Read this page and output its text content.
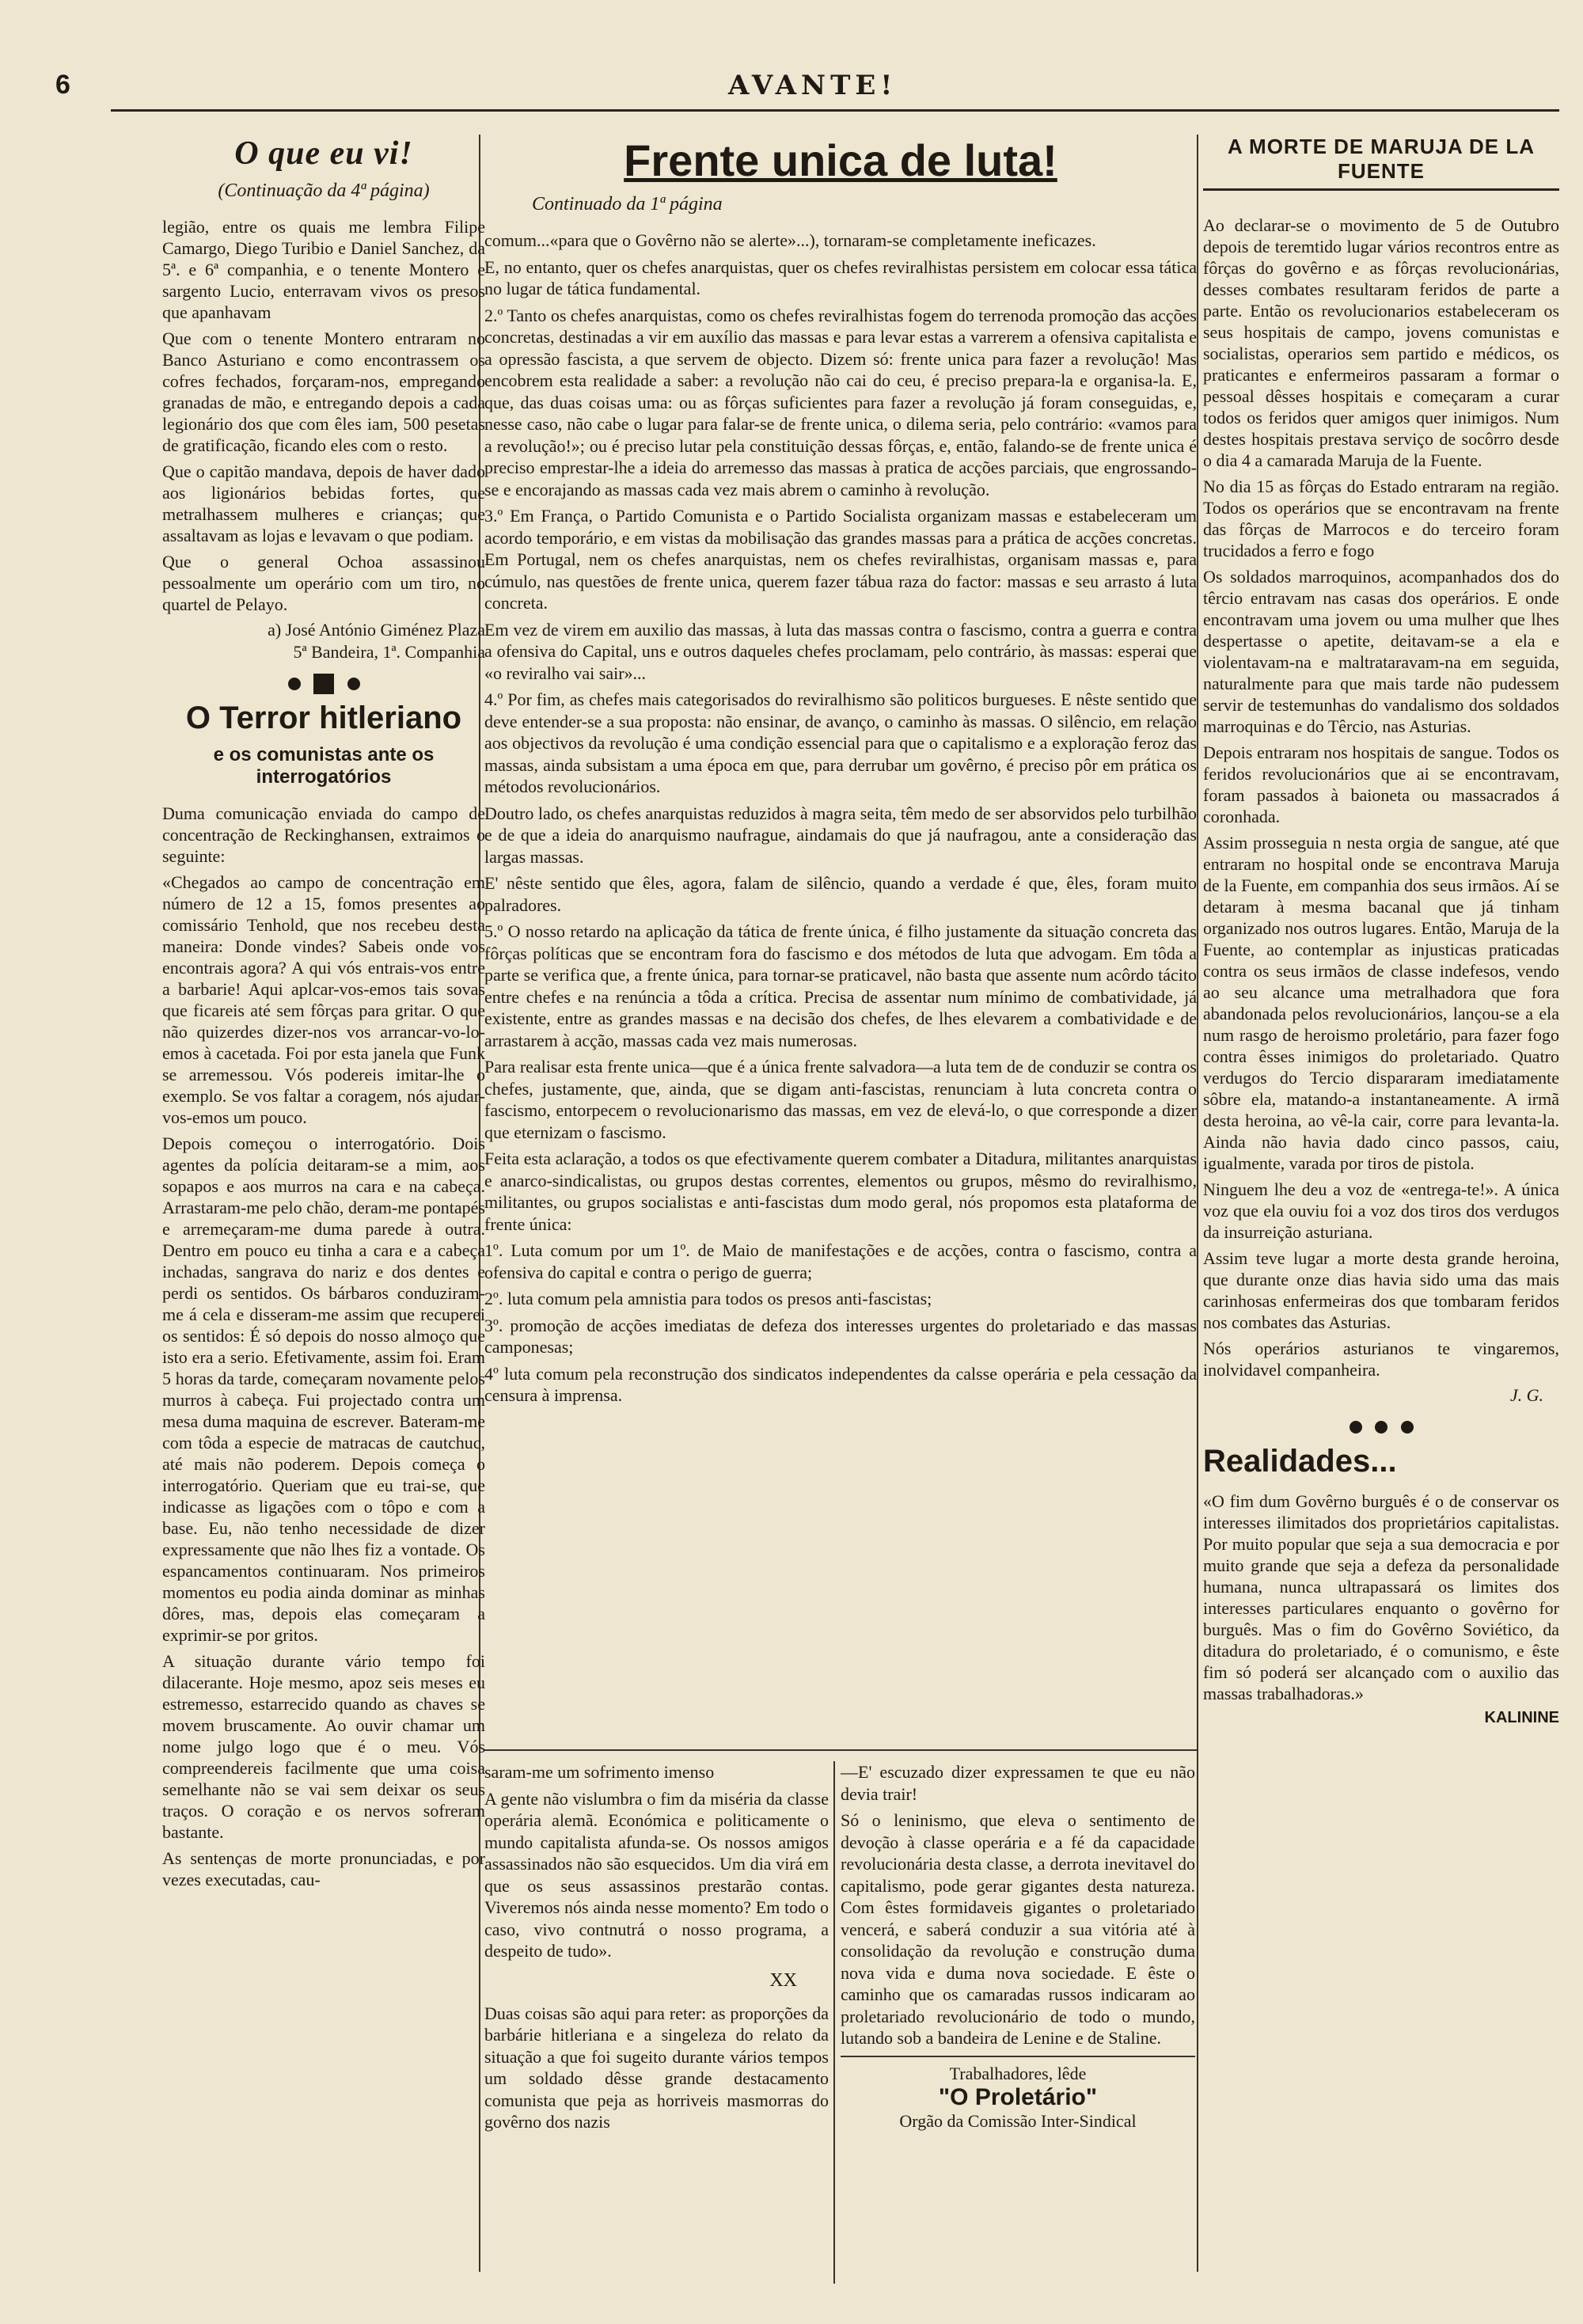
6	AVANTE!
O que eu vi!
(Continuação da 4ª página)

legião, entre os quais me lembra Filipe Camargo, Diego Turibio e Daniel Sanchez, da 5ª. e 6ª companhia, e o tenente Montero e sargento Lucio, enterravam vivos os presos que apanhavam

Que com o tenente Montero entraram no Banco Asturiano e como encontrassem os cofres fechados, forçaram-nos, empregando granadas de mão, e entregando depois a cada legionário dos que com êles iam, 500 pesetas de gratificação, ficando eles com o resto.

Que o capitão mandava, depois de haver dado aos ligionários bebidas fortes, que metralhassem mulheres e crianças; que assaltavam as lojas e levavam o que podiam.

Que o general Ochoa assassinou pessoalmente um operário com um tiro, no quartel de Pelayo.

a) José António Giménez Plaza
5ª Bandeira, 1ª. Companhia

O Terror hitleriano
e os comunistas ante os interrogatórios

Duma comunicação enviada do campo de concentração de Reckinghansen, extraimos o seguinte:

«Chegados ao campo de concentração em número de 12 a 15, fomos presentes ao comissário Tenhold, que nos recebeu desta maneira: Donde vindes? Sabeis onde vos encontrais agora? A qui vós entrais-vos entre a barbarie! Aqui aplcar-vos-emos tais sovas que ficareis até sem fôrças para gritar. O que não quizerdes dizer-nos vos arrancar-vo-lo-emos à cacetada. Foi por esta janela que Funk se arremessou. Vós podereis imitar-lhe o exemplo. Se vos faltar a coragem, nós ajudar-vos-emos um pouco.

Depois começou o interrogatório. Dois agentes da polícia deitaram-se a mim, aos sopapos e aos murros na cara e na cabeça. Arrastaram-me pelo chão, deram-me pontapés e arremeçaram-me duma parede à outra. Dentro em pouco eu tinha a cara e a cabeça inchadas, sangrava do nariz e dos dentes e perdi os sentidos. Os bárbaros conduziram-me á cela e disseram-me assim que recuperei os sentidos: É só depois do nosso almoço que isto era a serio. Efetivamente, assim foi. Eram 5 horas da tarde, começaram novamente pelos murros à cabeça. Fui projectado contra um mesa duma maquina de escrever. Bateram-me com tôda a especie de matracas de cautchuc, até mais não poderem. Depois começa o interrogatório. Queriam que eu trai-se, que indicasse as ligações com o tôpo e com a base. Eu, não tenho necessidade de dizer expressamente que não lhes fiz a vontade. Os espancamentos continuaram. Nos primeiros momentos eu podia ainda dominar as minhas dôres, mas, depois elas começaram a exprimir-se por gritos.

A situação durante vário tempo foi dilacerante. Hoje mesmo, apoz seis meses eu estremesso, estarrecido quando as chaves se movem bruscamente. Ao ouvir chamar um nome julgo logo que é o meu. Vós compreendereis facilmente que uma coisa semelhante não se vai sem deixar os seus traços. O coração e os nervos sofreram bastante.

As sentenças de morte pronunciadas, e por vezes executadas, cau-

Frente unica de luta!
Continuado da 1ª página

comum...«para que o Govêrno não se alerte»...), tornaram-se completamente ineficazes.

E, no entanto, quer os chefes anarquistas, quer os chefes reviralhistas persistem em colocar essa tática no lugar de tática fundamental.

2.º Tanto os chefes anarquistas, como os chefes reviralhistas fogem do terrenoda promoção das acções concretas, destinadas a vir em auxílio das massas e para levar estas a varrerem a ofensiva capitalista e a opressão fascista, a que servem de objecto. Dizem só: frente unica para fazer a revolução! Mas encobrem esta realidade a saber: a revolução não cai do ceu, é preciso prepara-la e organisa-la. E, que, das duas coisas uma: ou as fôrças suficientes para fazer a revolução já foram conseguidas, e, nesse caso, não cabe o lugar para falar-se de frente unica, o dilema seria, pelo contrário: «vamos para a revolução!»; ou é preciso lutar pela constituição dessas fôrças, e, então, falando-se de frente unica é preciso emprestar-lhe a ideia do arremesso das massas à pratica de acções parciais, que engrossando-se e encorajando as massas cada vez mais abrem o caminho à revolução.

3.º Em França, o Partido Comunista e o Partido Socialista organizam massas e estabeleceram um acordo temporário, e em vistas da mobilisação das grandes massas para a prática de acções concretas. Em Portugal, nem os chefes anarquistas, nem os chefes reviralhistas, organisam massas e, para cúmulo, nas questões de frente unica, querem fazer tábua raza do factor: massas e seu arrasto á luta concreta.

Em vez de virem em auxilio das massas, à luta das massas contra o fascismo, contra a guerra e contra a ofensiva do Capital, uns e outros daqueles chefes proclamam, pelo contrário, às massas: esperai que «o reviralho vai sair»...

4.º Por fim, as chefes mais categorisados do reviralhismo são politicos burgueses. E nêste sentido que deve entender-se a sua proposta: não ensinar, de avanço, o caminho às massas. O silêncio, em relação aos objectivos da revolução é uma condição essencial para que o capitalismo e a exploração feroz das massas, ainda subsistam a uma época em que, para derrubar um govêrno, é preciso pôr em prática os métodos revolucionários.

Doutro lado, os chefes anarquistas reduzidos à magra seita, têm medo de ser absorvidos pelo turbilhão e de que a ideia do anarquismo naufrague, aindamais do que já naufragou, ante a consideração das largas massas.

E' nêste sentido que êles, agora, falam de silêncio, quando a verdade é que, êles, foram muito palradores.

5.º O nosso retardo na aplicação da tática de frente única, é filho justamente da situação concreta das fôrças políticas que se encontram fora do fascismo e dos métodos de luta que advogam. Em tôda a parte se verifica que, a frente única, para tornar-se praticavel, não basta que assente num acôrdo tácito entre chefes e na renúncia a tôda a crítica. Precisa de assentar num mínimo de combatividade, já existente, entre as grandes massas e na decisão dos chefes, de lhes elevarem a combatividade e de arrastarem à acção, massas cada vez mais numerosas.

Para realisar esta frente unica—que é a única frente salvadora—a luta tem de de conduzir se contra os chefes, justamente, que, ainda, que se digam anti-fascistas, renunciam à luta concreta contra o fascismo, entorpecem o revolucionarismo das massas, em vez de elevá-lo, o que corresponde a dizer que eternizam o fascismo.

Feita esta aclaração, a todos os que efectivamente querem combater a Ditadura, militantes anarquistas e anarco-sindicalistas, ou grupos destas correntes, elementos ou grupos, mêsmo do reviralhismo, militantes, ou grupos socialistas e anti-fascistas dum modo geral, nós propomos esta plataforma de frente única:

1º. Luta comum por um 1º. de Maio de manifestações e de acções, contra o fascismo, contra a ofensiva do capital e contra o perigo de guerra;

2º. luta comum pela amnistia para todos os presos anti-fascistas;

3º. promoção de acções imediatas de defeza dos interesses urgentes do proletariado e das massas camponesas;

4º luta comum pela reconstrução dos sindicatos independentes da calsse operária e pela cessação da censura à imprensa.

saram-me um sofrimento imenso

A gente não vislumbra o fim da miséria da classe operária alemã. Económica e politicamente o mundo capitalista afunda-se. Os nossos amigos assassinados não são esquecidos. Um dia virá em que os seus assassinos prestarão contas. Viveremos nós ainda nesse momento? Em todo o caso, vivo contnutrá o nosso programa, a despeito de tudo».

XX

Duas coisas são aqui para reter: as proporções da barbárie hitleriana e a singeleza do relato da situação a que foi sugeito durante vários tempos um soldado dêsse grande destacamento comunista que peja as horriveis masmorras do govêrno dos nazis

—E' escuzado dizer expressamen te que eu não devia trair!

Só o leninismo, que eleva o sentimento de devoção à classe operária e a fé da capacidade revolucionária desta classe, a derrota inevitavel do capitalismo, pode gerar gigantes desta natureza. Com êstes formidaveis gigantes o proletariado vencerá, e saberá conduzir a sua vitória até à consolidação da revolução e construção duma nova vida e duma nova sociedade. E êste o caminho que os camaradas russos indicaram ao proletariado revolucionário de todo o mundo, lutando sob a bandeira de Lenine e de Staline.

Trabalhadores, lêde
"O Proletário"
Orgão da Comissão Inter-Sindical
A MORTE DE MARUJA DE LA FUENTE

Ao declarar-se o movimento de 5 de Outubro depois de teremtido lugar vários recontros entre as fôrças do govêrno e as fôrças revolucionárias, desses combates resultaram feridos de parte a parte. Então os revolucionarios estabeleceram os seus hospitais de campo, jovens comunistas e socialistas, operarios sem partido e médicos, os praticantes e enfermeiros passaram a formar o pessoal dêsses hospitais e começaram a curar todos os feridos quer amigos quer inimigos. Num destes hospitais prestava serviço de socôrro desde o dia 4 a camarada Maruja de la Fuente.

No dia 15 as fôrças do Estado entraram na região. Todos os operários que se encontravam na frente das fôrças de Marrocos e do terceiro foram trucidados a ferro e fogo

Os soldados marroquinos, acompanhados dos do têrcio entravam nas casas dos operários. E onde encontravam uma jovem ou uma mulher que lhes despertasse o apetite, deitavam-se a ela e violentavam-na e maltrataravam-na em seguida, naturalmente para que mais tarde não pudessem servir de testemunhas do vandalismo dos soldados marroquinas e do Têrcio, nas Asturias.

Depois entraram nos hospitais de sangue. Todos os feridos revolucionários que ai se encontravam, foram passados à baioneta ou massacrados á coronhada.

Assim prosseguia n nesta orgia de sangue, até que entraram no hospital onde se encontrava Maruja de la Fuente, em companhia dos seus irmãos. Aí se detaram à mesma bacanal que já tinham organizado nos outros lugares. Então, Maruja de la Fuente, ao contemplar as injusticas praticadas contra os seus irmãos de classe indefesos, vendo ao seu alcance uma metralhadora que fora abandonada pelos revolucionários, lançou-se a ela num rasgo de heroismo proletário, para fazer fogo contra êsses inimigos do proletariado. Quatro verdugos do Tercio dispararam imediatamente sôbre ela, matando-a instantaneamente. A irmã desta heroina, ao vê-la cair, corre para levanta-la. Ainda não havia dado cinco passos, caiu, igualmente, varada por tiros de pistola.

Ninguem lhe deu a voz de «entrega-te!». A única voz que ela ouviu foi a voz dos tiros dos verdugos da insurreição asturiana.

Assim teve lugar a morte desta grande heroina, que durante onze dias havia sido uma das mais carinhosas enfermeiras dos que tombaram feridos nos combates das Asturias.

Nós operários asturianos te vingaremos, inolvidavel companheira.

J. G.

Realidades...

«O fim dum Govêrno burguês é o de conservar os interesses ilimitados dos proprietários capitalistas. Por muito popular que seja a sua democracia e por muito grande que seja a defeza da personalidade humana, nunca ultrapassará os limites dos interesses particulares enquanto o govêrno for burguês. Mas o fim do Govêrno Soviético, da ditadura do proletariado, é o comunismo, e êste fim só poderá ser alcançado com o auxilio das massas trabalhadoras.»

KALININE
